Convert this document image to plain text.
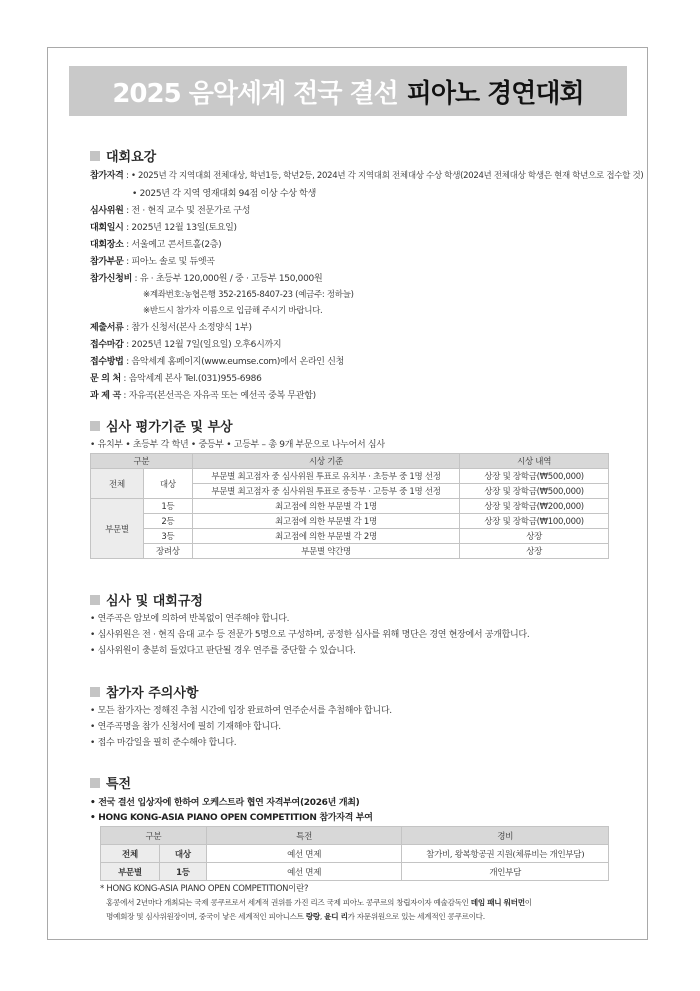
2025 음악세계 전국 결선 피아노 경연대회
대회요강
참가자격 : • 2025년 각 지역대회 전체대상, 학년1등, 학년2등, 2024년 각 지역대회 전체대상 수상 학생(2024년 전체대상 학생은 현재 학년으로 접수할 것)
• 2025년 각 지역 영재대회 94점 이상 수상 학생
심사위원 : 전 · 현직 교수 및 전문가로 구성
대회일시 : 2025년 12월 13일(토요일)
대회장소 : 서울예고 콘서트홀(2층)
참가부문 : 피아노 솔로 및 듀엣곡
참가신청비 : 유 · 초등부 120,000원 / 중 · 고등부 150,000원
※계좌번호:농협은행 352-2165-8407-23 (예금주: 정하늘)
※반드시 참가자 이름으로 입금해 주시기 바랍니다.
제출서류 : 참가 신청서(본사 소정양식 1부)
접수마감 : 2025년 12월 7일(일요일) 오후6시까지
접수방법 : 음악세계 홈페이지(www.eumse.com)에서 온라인 신청
문 의 처 : 음악세계 본사 Tel.(031)955-6986
과 제 곡 : 자유곡(본선곡은 자유곡 또는 예선곡 중복 무관함)
심사 평가기준 및 부상
• 유치부 • 초등부 각 학년 • 중등부 • 고등부 – 총 9개 부문으로 나누어서 심사
구분		시상 기준	시상 내역
전체	대상	부문별 최고점자 중 심사위원 투표로 유치부 · 초등부 중 1명 선정	상장 및 장학금(₩500,000)
		부문별 최고점자 중 심사위원 투표로 중등부 · 고등부 중 1명 선정	상장 및 장학금(₩500,000)
부문별	1등	최고점에 의한 부문별 각 1명	상장 및 장학금(₩200,000)
	2등	최고점에 의한 부문별 각 1명	상장 및 장학금(₩100,000)
	3등	최고점에 의한 부문별 각 2명	상장
	장려상	부문별 약간명	상장
심사 및 대회규정
• 연주곡은 암보에 의하여 반복없이 연주해야 합니다.
• 심사위원은 전 · 현직 음대 교수 등 전문가 5명으로 구성하며, 공정한 심사를 위해 명단은 경연 현장에서 공개합니다.
• 심사위원이 충분히 들었다고 판단될 경우 연주를 중단할 수 있습니다.
참가자 주의사항
• 모든 참가자는 정해진 추첨 시간에 입장 완료하여 연주순서를 추첨해야 합니다.
• 연주곡명을 참가 신청서에 필히 기재해야 합니다.
• 접수 마감일을 필히 준수해야 합니다.
특전
• 전국 결선 입상자에 한하여 오케스트라 협연 자격부여(2026년 개최)
• HONG KONG-ASIA PIANO OPEN COMPETITION 참가자격 부여
구분		특전	경비
전체	대상	예선 면제	참가비, 왕복항공권 지원(체류비는 개인부담)
부문별	1등	예선 면제	개인부담
* HONG KONG-ASIA PIANO OPEN COMPETITION이란?
홍콩에서 2년마다 개최되는 국제 콩쿠르로서 세계적 권위를 가진 리즈 국제 피아노 콩쿠르의 창립자이자 예술감독인 데임 패니 워터먼이
명예회장 및 심사위원장이며, 중국이 낳은 세계적인 피아니스트 랑랑, 윤디 리가 자문위원으로 있는 세계적인 콩쿠르이다.
